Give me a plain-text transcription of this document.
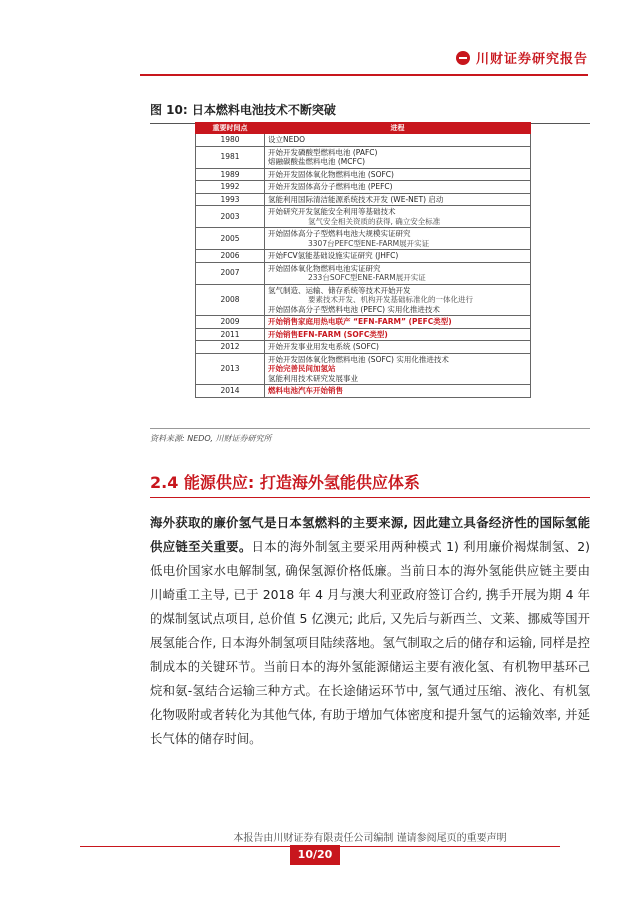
川财证券研究报告
图 10: 日本燃料电池技术不断突破
重要时间点	进程
1980	设立NEDO

1981	开始开发磷酸型燃料电池 (PAFC)
熔融碳酸盐燃料电池 (MCFC)

1989	开始开发固体氧化物燃料电池 (SOFC)

1992	开始开发固体高分子燃料电池 (PEFC)

1993	氢能利用国际清洁能源系统技术开发 (WE-NET) 启动

2003	开始研究开发氢能安全利用等基础技术
氢气安全相关资质的获得, 确立安全标准

2005	开始固体高分子型燃料电池大规模实证研究
3307台PEFC型ENE-FARM展开实证

2006	开始FCV氢能基础设施实证研究 (JHFC)

2007	开始固体氧化物燃料电池实证研究
233台SOFC型ENE-FARM展开实证

2008	氢气制造、运输、储存系统等技术开始开发
要素技术开发、机构开发基础标准化的一体化进行
开始固体高分子型燃料电池 (PEFC) 实用化推进技术

2009	开始销售家庭用热电联产 “EFN-FARM” (PEFC类型)

2011	开始销售EFN-FARM (SOFC类型)

2012	开始开发事业用发电系统 (SOFC)

2013	开始开发固体氧化物燃料电池 (SOFC) 实用化推进技术
开始完善民间加氢站
氢能利用技术研究发展事业

2014	燃料电池汽车开始销售
资料来源: NEDO, 川财证券研究所
2.4 能源供应: 打造海外氢能供应体系
海外获取的廉价氢气是日本氢燃料的主要来源, 因此建立具备经济性的国际氢能供应链至关重要。日本的海外制氢主要采用两种模式 1) 利用廉价褐煤制氢、2) 低电价国家水电解制氢, 确保氢源价格低廉。当前日本的海外氢能供应链主要由川崎重工主导, 已于 2018 年 4 月与澳大利亚政府签订合约, 携手开展为期 4 年的煤制氢试点项目, 总价值 5 亿澳元; 此后, 又先后与新西兰、文莱、挪威等国开展氢能合作, 日本海外制氢项目陆续落地。氢气制取之后的储存和运输, 同样是控制成本的关键环节。当前日本的海外氢能源储运主要有液化氢、有机物甲基环己烷和氨-氢结合运输三种方式。在长途储运环节中, 氢气通过压缩、液化、有机氢化物吸附或者转化为其他气体, 有助于增加气体密度和提升氢气的运输效率, 并延长气体的储存时间。
本报告由川财证券有限责任公司编制 谨请参阅尾页的重要声明
10/20
